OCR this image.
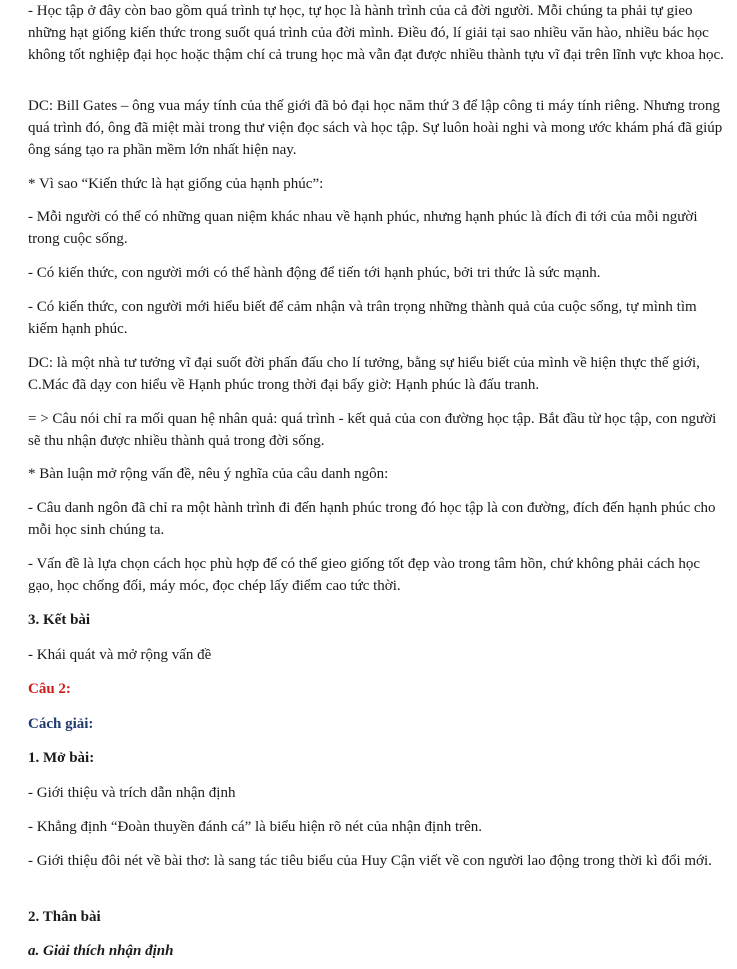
- Học tập ở đây còn bao gồm quá trình tự học, tự học là hành trình của cả đời người. Mỗi chúng ta phải tự gieo những hạt giống kiến thức trong suốt quá trình của đời mình. Điều đó, lí giải tại sao nhiều văn hào, nhiều bác học không tốt nghiệp đại học hoặc thậm chí cả trung học mà vẫn đạt được nhiều thành tựu vĩ đại trên lĩnh vực khoa học.

DC: Bill Gates – ông vua máy tính của thế giới đã bỏ đại học năm thứ 3 để lập công ti máy tính riêng. Nhưng trong quá trình đó, ông đã miệt mài trong thư viện đọc sách và học tập. Sự luôn hoài nghi và mong ước khám phá đã giúp ông sáng tạo ra phần mềm lớn nhất hiện nay.

* Vì sao “Kiến thức là hạt giống của hạnh phúc”:

- Mỗi người có thể có những quan niệm khác nhau về hạnh phúc, nhưng hạnh phúc là đích đi tới của mỗi người trong cuộc sống.

- Có kiến thức, con người mới có thể hành động để tiến tới hạnh phúc, bởi tri thức là sức mạnh.

- Có kiến thức, con người mới hiểu biết để cảm nhận và trân trọng những thành quả của cuộc sống, tự mình tìm kiếm hạnh phúc.

DC: là một nhà tư tưởng vĩ đại suốt đời phấn đấu cho lí tưởng, bằng sự hiểu biết của mình về hiện thực thế giới, C.Mác đã dạy con hiểu về Hạnh phúc trong thời đại bấy giờ: Hạnh phúc là đấu tranh.

= > Câu nói chỉ ra mối quan hệ nhân quả: quá trình - kết quả của con đường học tập. Bắt đầu từ học tập, con người sẽ thu nhận được nhiều thành quả trong đời sống.

* Bàn luận mở rộng vấn đề, nêu ý nghĩa của câu danh ngôn:

- Câu danh ngôn đã chỉ ra một hành trình đi đến hạnh phúc trong đó học tập là con đường, đích đến hạnh phúc cho mỗi học sinh chúng ta.

- Vấn đề là lựa chọn cách học phù hợp để có thể gieo giống tốt đẹp vào trong tâm hồn, chứ không phải cách học gạo, học chống đối, máy móc, đọc chép lấy điểm cao tức thời.

3. Kết bài

- Khái quát và mở rộng vấn đề

Câu 2:

Cách giải:

1. Mở bài:

- Giới thiệu và trích dẫn nhận định

- Khẳng định “Đoàn thuyền đánh cá” là biểu hiện rõ nét của nhận định trên.

- Giới thiệu đôi nét về bài thơ: là sang tác tiêu biểu của Huy Cận viết về con người lao động trong thời kì đổi mới.

2. Thân bài

a. Giải thích nhận định
